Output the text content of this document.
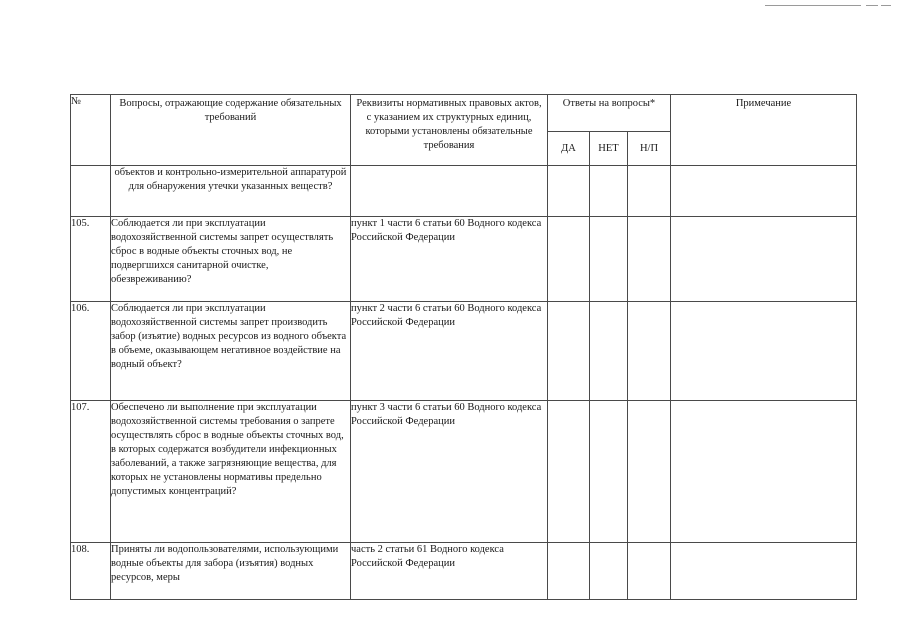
№	Вопросы, отражающие содержание обязательных требований	Реквизиты нормативных правовых актов, с указанием их структурных единиц, которыми установлены обязательные требования	Ответы на вопросы*			Примечание

			ДА	НЕТ	Н/П	

	объектов и контрольно-измерительной аппаратурой для обнаружения утечки указанных веществ?					
105.	Соблюдается ли при эксплуатации водохозяйственной системы запрет осуществлять сброс в водные объекты сточных вод, не подвергшихся санитарной очистке, обезвреживанию?	пункт 1 части 6 статьи 60 Водного кодекса Российской Федерации				
106.	Соблюдается ли при эксплуатации водохозяйственной системы запрет производить забор (изъятие) водных ресурсов из водного объекта в объеме, оказывающем негативное воздействие на водный объект?	пункт 2 части 6 статьи 60 Водного кодекса Российской Федерации				
107.	Обеспечено ли выполнение при эксплуатации водохозяйственной системы требования о запрете осуществлять сброс в водные объекты сточных вод, в которых содержатся возбудители инфекционных заболеваний, а также загрязняющие вещества, для которых не установлены нормативы предельно допустимых концентраций?	пункт 3 части 6 статьи 60 Водного кодекса Российской Федерации				
108.	Приняты ли водопользователями, использующими водные объекты для забора (изъятия) водных ресурсов, меры	часть 2 статьи 61 Водного кодекса Российской Федерации				
